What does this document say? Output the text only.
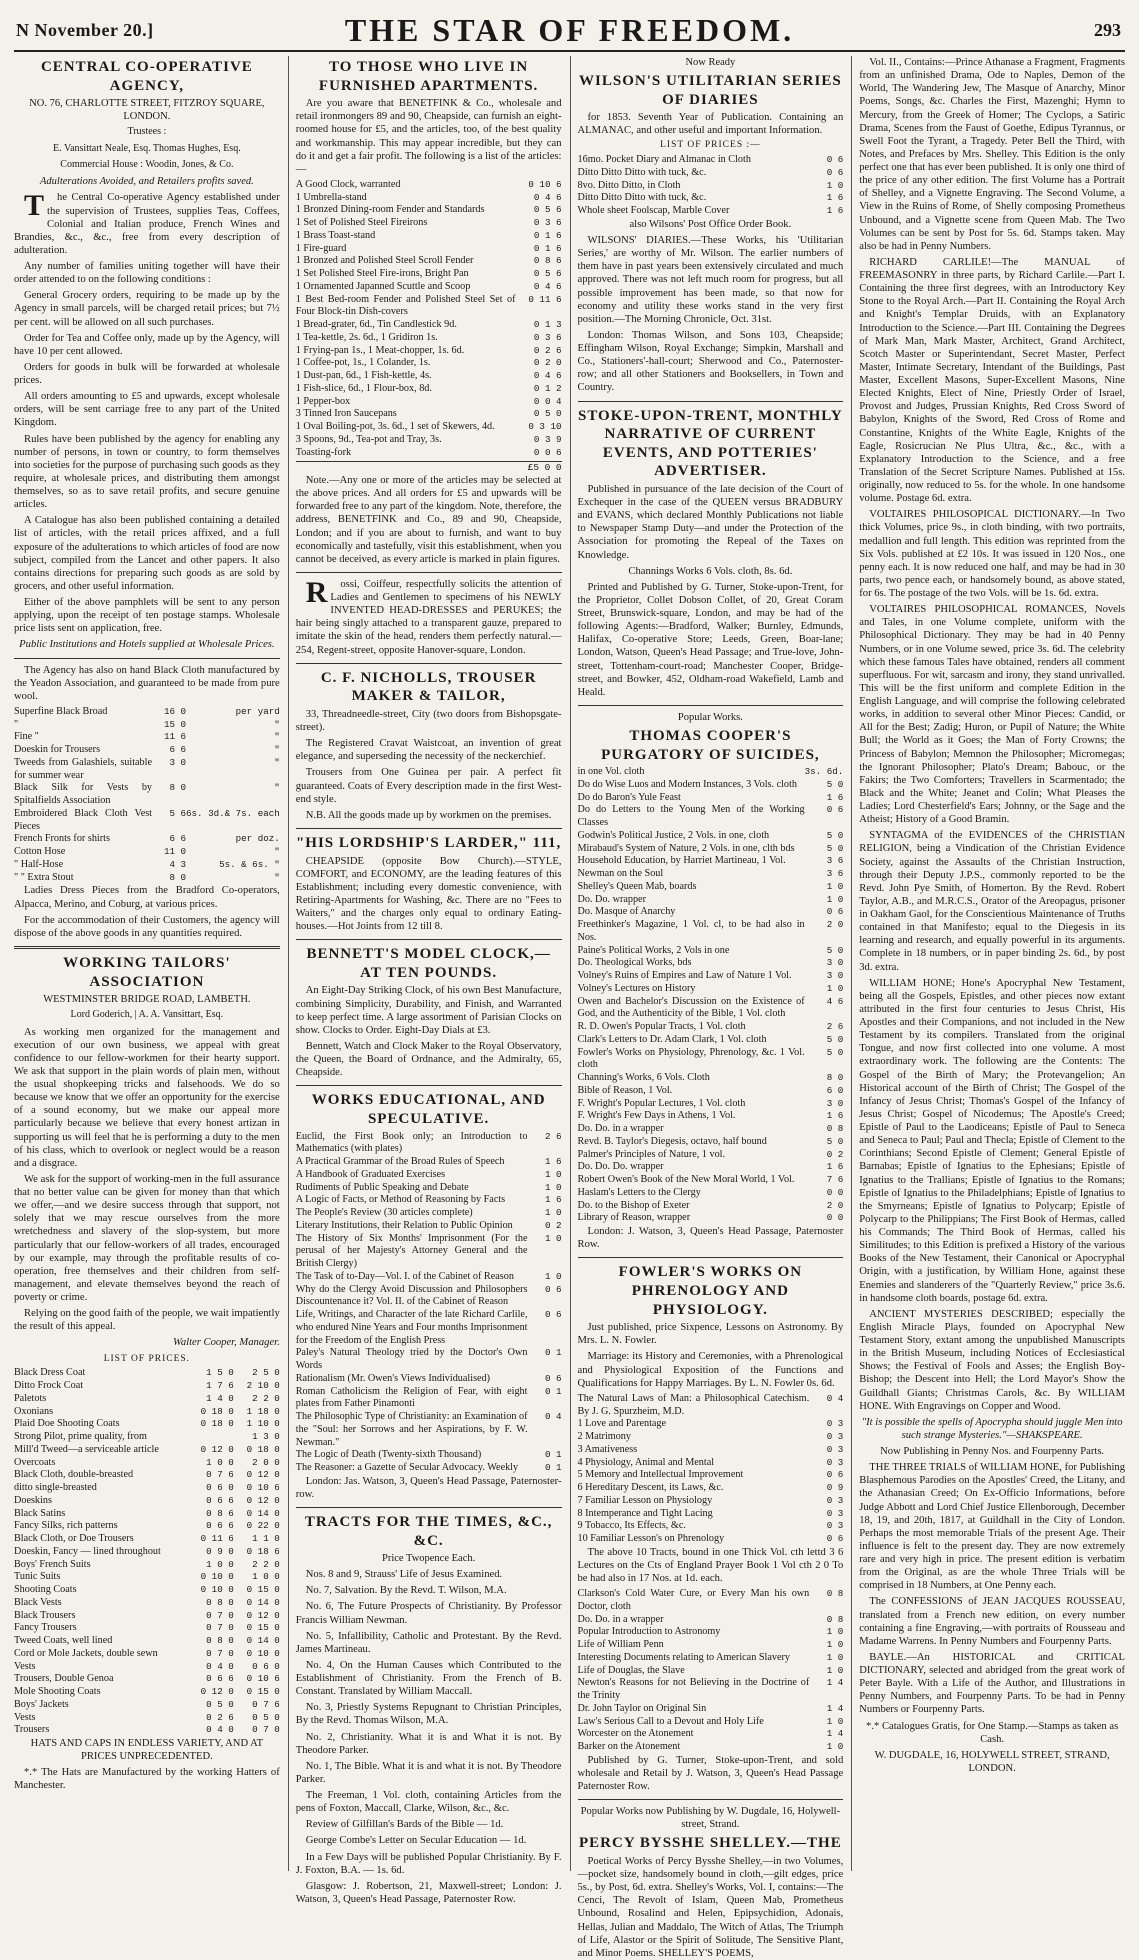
N November 20.]	THE STAR OF FREEDOM.	293
CENTRAL CO-OPERATIVE AGENCY,
NO. 76, CHARLOTTE STREET, FITZROY SQUARE, LONDON.
Trustees :
E. Vansittart Neale, Esq. Thomas Hughes, Esq.
Commercial House : Woodin, Jones, & Co.
Adulterations Avoided, and Retailers profits saved.

The Central Co-operative Agency established under the supervision of Trustees, supplies Teas, Coffees, Colonial and Italian produce, French Wines and Brandies, &c., &c., free from every description of adulteration.

Any number of families uniting together will have their order attended to on the following conditions :

General Grocery orders, requiring to be made up by the Agency in small parcels, will be charged retail prices; but 7½ per cent. will be allowed on all such purchases.

Order for Tea and Coffee only, made up by the Agency, will have 10 per cent allowed.

Orders for goods in bulk will be forwarded at wholesale prices.

All orders amounting to £5 and upwards, except wholesale orders, will be sent carriage free to any part of the United Kingdom.

Rules have been published by the agency for enabling any number of persons, in town or country, to form themselves into societies for the purpose of purchasing such goods as they require, at wholesale prices, and distributing them amongst themselves, so as to save retail profits, and secure genuine articles.

A Catalogue has also been published containing a detailed list of articles, with the retail prices affixed, and a full exposure of the adulterations to which articles of food are now subject, compiled from the Lancet and other papers. It also contains directions for preparing such goods as are sold by grocers, and other useful information.

Either of the above pamphlets will be sent to any person applying, upon the receipt of ten postage stamps. Wholesale price lists sent on application, free.

Public Institutions and Hotels supplied at Wholesale Prices.

The Agency has also on hand Black Cloth manufactured by the Yeadon Association, and guaranteed to be made from pure wool.

Superfine Black Broad	16 0	per yard
"	15 0	"
Fine "	11 6	"
Doeskin for Trousers	6 6	"
Tweeds from Galashiels, suitable for summer wear	3 0	"
Black Silk for Vests by Spitalfields Association	8 0	"
Embroidered Black Cloth Vest Pieces	5 6	6s. 3d.& 7s. each
French Fronts for shirts	6 6	per doz.
Cotton Hose	11 0	"
" Half-Hose	4 3	5s. & 6s. "
" " Extra Stout	8 0	"

Ladies Dress Pieces from the Bradford Co-operators, Alpacca, Merino, and Coburg, at various prices.

For the accommodation of their Customers, the agency will dispose of the above goods in any quantities required.

WORKING TAILORS' ASSOCIATION
WESTMINSTER BRIDGE ROAD, LAMBETH.
Lord Goderich, | A. A. Vansittart, Esq.

As working men organized for the management and execution of our own business, we appeal with great confidence to our fellow-workmen for their hearty support. We ask that support in the plain words of plain men, without the usual shopkeeping tricks and falsehoods. We do so because we know that we offer an opportunity for the exercise of a sound economy, but we make our appeal more particularly because we believe that every honest artizan in supporting us will feel that he is performing a duty to the men of his class, which to overlook or neglect would be a reason and a disgrace.

We ask for the support of working-men in the full assurance that no better value can be given for money than that which we offer,—and we desire success through that support, not solely that we may rescue ourselves from the more wretchedness and slavery of the slop-system, but more particularly that our fellow-workers of all trades, encouraged by our example, may through the profitable results of co-operation, free themselves and their children from self-management, and elevate themselves beyond the reach of poverty or crime.

Relying on the good faith of the people, we wait impatiently the result of this appeal.

Walter Cooper, Manager.
LIST OF PRICES.
Black Dress Coat	1 5 0	2 5 0
Ditto Frock Coat	1 7 6	2 10 0
Paletots	1 4 0	2 2 0
Oxonians	0 18 0	1 18 0
Plaid Doe Shooting Coats	0 18 0	1 10 0
Strong Pilot, prime quality, from		1 3 0
Mill'd Tweed—a serviceable article	0 12 0	0 18 0
Overcoats	1 0 0	2 0 0
Black Cloth, double-breasted	0 7 6	0 12 0
ditto single-breasted	0 6 0	0 10 6
Doeskins	0 6 6	0 12 0
Black Satins	0 8 6	0 14 0
Fancy Silks, rich patterns	0 6 6	0 22 0
Black Cloth, or Doe Trousers	0 11 6	1 1 0
Doeskin, Fancy — lined throughout	0 9 0	0 18 6
Boys' French Suits	1 0 0	2 2 0
Tunic Suits	0 10 0	1 0 0
Shooting Coats	0 10 0	0 15 0
Black Vests	0 8 0	0 14 0
Black Trousers	0 7 0	0 12 0
Fancy Trousers	0 7 0	0 15 0
Tweed Coats, well lined	0 8 0	0 14 0
Cord or Mole Jackets, double sewn	0 7 0	0 10 0
Vests	0 4 0	0 6 0
Trousers, Double Genoa	0 6 6	0 10 6
Mole Shooting Coats	0 12 0	0 15 0
Boys' Jackets	0 5 0	0 7 6
Vests	0 2 6	0 5 0
Trousers	0 4 0	0 7 0

HATS AND CAPS IN ENDLESS VARIETY, AND AT PRICES UNPRECEDENTED.

*.* The Hats are Manufactured by the working Hatters of Manchester.

TO THOSE WHO LIVE IN FURNISHED APARTMENTS.

Are you aware that BENETFINK & Co., wholesale and retail ironmongers 89 and 90, Cheapside, can furnish an eight-roomed house for £5, and the articles, too, of the best quality and workmanship. This may appear incredible, but they can do it and get a fair profit. The following is a list of the articles:—

A Good Clock, warranted	0 10 6
1 Umbrella-stand	0 4 6
1 Bronzed Dining-room Fender and Standards	0 5 6
1 Set of Polished Steel Fireirons	0 3 6
1 Brass Toast-stand	0 1 6
1 Fire-guard	0 1 6
1 Bronzed and Polished Steel Scroll Fender	0 8 6
1 Set Polished Steel Fire-irons, Bright Pan	0 5 6
1 Ornamented Japanned Scuttle and Scoop	0 4 6
1 Best Bed-room Fender and Polished Steel Set of Four Block-tin Dish-covers	0 11 6
1 Bread-grater, 6d., Tin Candlestick 9d.	0 1 3
1 Tea-kettle, 2s. 6d., 1 Gridiron 1s.	0 3 6
1 Frying-pan 1s., 1 Meat-chopper, 1s. 6d.	0 2 6
1 Coffee-pot, 1s., 1 Colander, 1s.	0 2 0
1 Dust-pan, 6d., 1 Fish-kettle, 4s.	0 4 6
1 Fish-slice, 6d., 1 Flour-box, 8d.	0 1 2
1 Pepper-box	0 0 4
3 Tinned Iron Saucepans	0 5 0
1 Oval Boiling-pot, 3s. 6d., 1 set of Skewers, 4d.	0 3 10
3 Spoons, 9d., Tea-pot and Tray, 3s.	0 3 9
Toasting-fork	0 0 6
£5 0 0

Note.—Any one or more of the articles may be selected at the above prices. And all orders for £5 and upwards will be forwarded free to any part of the kingdom. Note, therefore, the address, BENETFINK and Co., 89 and 90, Cheapside, London; and if you are about to furnish, and want to buy economically and tastefully, visit this establishment, when you cannot be deceived, as every article is marked in plain figures.

Rossi, Coiffeur, respectfully solicits the attention of Ladies and Gentlemen to specimens of his NEWLY INVENTED HEAD-DRESSES and PERUKES; the hair being singly attached to a transparent gauze, prepared to imitate the skin of the head, renders them perfectly natural.—254, Regent-street, opposite Hanover-square, London.

C. F. NICHOLLS, TROUSER MAKER & TAILOR,

33, Threadneedle-street, City (two doors from Bishopsgate-street).

The Registered Cravat Waistcoat, an invention of great elegance, and superseding the necessity of the neckerchief.

Trousers from One Guinea per pair. A perfect fit guaranteed. Coats of Every description made in the first West-end style.

N.B. All the goods made up by workmen on the premises.

"HIS LORDSHIP'S LARDER," 111,

CHEAPSIDE (opposite Bow Church).—STYLE, COMFORT, and ECONOMY, are the leading features of this Establishment; including every domestic convenience, with Retiring-Apartments for Washing, &c. There are no "Fees to Waiters," and the charges only equal to ordinary Eating-houses.—Hot Joints from 12 till 8.

BENNETT'S MODEL CLOCK,—AT TEN POUNDS.

An Eight-Day Striking Clock, of his own Best Manufacture, combining Simplicity, Durability, and Finish, and Warranted to keep perfect time. A large assortment of Parisian Clocks on show. Clocks to Order. Eight-Day Dials at £3.

Bennett, Watch and Clock Maker to the Royal Observatory, the Queen, the Board of Ordnance, and the Admiralty, 65, Cheapside.

WORKS EDUCATIONAL, AND SPECULATIVE.
Euclid, the First Book only; an Introduction to Mathematics (with plates)	2 6
A Practical Grammar of the Broad Rules of Speech	1 6
A Handbook of Graduated Exercises	1 0
Rudiments of Public Speaking and Debate	1 0
A Logic of Facts, or Method of Reasoning by Facts	1 6
The People's Review (30 articles complete)	1 0
Literary Institutions, their Relation to Public Opinion	0 2
The History of Six Months' Imprisonment (For the perusal of her Majesty's Attorney General and the British Clergy)	1 0
The Task of to-Day—Vol. I. of the Cabinet of Reason	1 0
Why do the Clergy Avoid Discussion and Philosophers Discountenance it? Vol. II. of the Cabinet of Reason	0 6
Life, Writings, and Character of the late Richard Carlile, who endured Nine Years and Four months Imprisonment for the Freedom of the English Press	0 6
Paley's Natural Theology tried by the Doctor's Own Words	0 1
Rationalism (Mr. Owen's Views Individualised)	0 6
Roman Catholicism the Religion of Fear, with eight plates from Father Pinamonti	0 1
The Philosophic Type of Christianity: an Examination of the "Soul: her Sorrows and her Aspirations, by F. W. Newman."	0 4
The Logic of Death (Twenty-sixth Thousand)	0 1
The Reasoner: a Gazette of Secular Advocacy. Weekly	0 1

London: Jas. Watson, 3, Queen's Head Passage, Paternoster-row.

TRACTS FOR THE TIMES, &C., &C.
Price Twopence Each.

Nos. 8 and 9, Strauss' Life of Jesus Examined.

No. 7, Salvation. By the Revd. T. Wilson, M.A.

No. 6, The Future Prospects of Christianity. By Professor Francis William Newman.

No. 5, Infallibility, Catholic and Protestant. By the Revd. James Martineau.

No. 4, On the Human Causes which Contributed to the Establishment of Christianity. From the French of B. Constant. Translated by William Maccall.

No. 3, Priestly Systems Repugnant to Christian Principles, By the Revd. Thomas Wilson, M.A.

No. 2, Christianity. What it is and What it is not. By Theodore Parker.

No. 1, The Bible. What it is and what it is not. By Theodore Parker.

The Freeman, 1 Vol. cloth, containing Articles from the pens of Foxton, Maccall, Clarke, Wilson, &c., &c.

Review of Gilfillan's Bards of the Bible — 1d.

George Combe's Letter on Secular Education — 1d.

In a Few Days will be published Popular Christianity. By F. J. Foxton, B.A. — 1s. 6d.

Glasgow: J. Robertson, 21, Maxwell-street; London: J. Watson, 3, Queen's Head Passage, Paternoster Row.

Now Ready
WILSON'S UTILITARIAN SERIES OF DIARIES

for 1853. Seventh Year of Publication. Containing an ALMANAC, and other useful and important Information.

LIST OF PRICES :—
16mo. Pocket Diary and Almanac in Cloth	0 6
Ditto Ditto Ditto with tuck, &c.	0 6
8vo. Ditto Ditto, in Cloth	1 0
Ditto Ditto Ditto with tuck, &c.	1 6
Whole sheet Foolscap, Marble Cover	1 6

also Wilsons' Post Office Order Book.

WILSONS' DIARIES.—These Works, his 'Utilitarian Series,' are worthy of Mr. Wilson. The earlier numbers of them have in past years been extensively circulated and much approved. There was not left much room for progress, but all possible improvement has been made, so that now for economy and utility these works stand in the very first position.—The Morning Chronicle, Oct. 31st.

London: Thomas Wilson, and Sons 103, Cheapside; Effingham Wilson, Royal Exchange; Simpkin, Marshall and Co., Stationers'-hall-court; Sherwood and Co., Paternoster-row; and all other Stationers and Booksellers, in Town and Country.

STOKE-UPON-TRENT, MONTHLY NARRATIVE OF CURRENT EVENTS, AND POTTERIES' ADVERTISER.

Published in pursuance of the late decision of the Court of Exchequer in the case of the QUEEN versus BRADBURY and EVANS, which declared Monthly Publications not liable to Newspaper Stamp Duty—and under the Protection of the Association for promoting the Repeal of the Taxes on Knowledge.

Channings Works 6 Vols. cloth, 8s. 6d.

Printed and Published by G. Turner, Stoke-upon-Trent, for the Proprietor, Collet Dobson Collet, of 20, Great Coram Street, Brunswick-square, London, and may be had of the following Agents:—Bradford, Walker; Burnley, Edmunds, Halifax, Co-operative Store; Leeds, Green, Boar-lane; London, Watson, Queen's Head Passage; and True-love, John-street, Tottenham-court-road; Manchester Cooper, Bridge-street, and Bowker, 452, Oldham-road Wakefield, Lamb and Heald.

Popular Works.
THOMAS COOPER'S PURGATORY OF SUICIDES,
in one Vol. cloth	3s. 6d.
Do do Wise Luos and Modern Instances, 3 Vols. cloth	5 0
Do do Baron's Yule Feast	1 6
Do do Letters to the Young Men of the Working Classes	0 6
Godwin's Political Justice, 2 Vols. in one, cloth	5 0
Mirabaud's System of Nature, 2 Vols. in one, clth bds	5 0
Household Education, by Harriet Martineau, 1 Vol.	3 6
Newman on the Soul	3 6
Shelley's Queen Mab, boards	1 0
Do. Do. wrapper	1 0
Do. Masque of Anarchy	0 6
Freethinker's Magazine, 1 Vol. cl, to be had also in Nos.	2 0
Paine's Political Works, 2 Vols in one	5 0
Do. Theological Works, bds	3 0
Volney's Ruins of Empires and Law of Nature 1 Vol.	3 0
Volney's Lectures on History	1 0
Owen and Bachelor's Discussion on the Existence of God, and the Authenticity of the Bible, 1 Vol. cloth	4 6
R. D. Owen's Popular Tracts, 1 Vol. cloth	2 6
Clark's Letters to Dr. Adam Clark, 1 Vol. cloth	5 0
Fowler's Works on Physiology, Phrenology, &c. 1 Vol. cloth	5 0
Channing's Works, 6 Vols. Cloth	8 0
Bible of Reason, 1 Vol.	6 0
F. Wright's Popular Lectures, 1 Vol. cloth	3 0
F. Wright's Few Days in Athens, 1 Vol.	1 6
Do. Do. in a wrapper	0 8
Revd. B. Taylor's Diegesis, octavo, half bound	5 0
Palmer's Principles of Nature, 1 vol.	0 2
Do. Do. Do. wrapper	1 6
Robert Owen's Book of the New Moral World, 1 Vol.	7 6
Haslam's Letters to the Clergy	0 0
Do. to the Bishop of Exeter	2 0
Library of Reason, wrapper	0 0

London: J. Watson, 3, Queen's Head Passage, Paternoster Row.

FOWLER'S WORKS ON PHRENOLOGY AND PHYSIOLOGY.

Just published, price Sixpence, Lessons on Astronomy. By Mrs. L. N. Fowler.

Marriage: its History and Ceremonies, with a Phrenological and Physiological Exposition of the Functions and Qualifications for Happy Marriages. By L. N. Fowler 0s. 6d.

The Natural Laws of Man: a Philosophical Catechism. By J. G. Spurzheim, M.D.	0 4
1 Love and Parentage	0 3
2 Matrimony	0 3
3 Amativeness	0 3
4 Physiology, Animal and Mental	0 3
5 Memory and Intellectual Improvement	0 6
6 Hereditary Descent, its Laws, &c.	0 9
7 Familiar Lesson on Physiology	0 3
8 Intemperance and Tight Lacing	0 3
9 Tobacco, Its Effects, &c.	0 3
10 Familiar Lesson's on Phrenology	0 6

The above 10 Tracts, bound in one Thick Vol. cth lettd 3 6 Lectures on the Cts of England Prayer Book 1 Vol cth 2 0 To be had also in 17 Nos. at 1d. each.

Clarkson's Cold Water Cure, or Every Man his own Doctor, cloth	0 8
Do. Do. in a wrapper	0 8
Popular Introduction to Astronomy	1 0
Life of William Penn	1 0
Interesting Documents relating to American Slavery	1 0
Life of Douglas, the Slave	1 0
Newton's Reasons for not Believing in the Doctrine of the Trinity	1 4
Dr. John Taylor on Original Sin	1 4
Law's Serious Call to a Devout and Holy Life	1 0
Worcester on the Atonement	1 4
Barker on the Atonement	1 0

Published by G. Turner, Stoke-upon-Trent, and sold wholesale and Retail by J. Watson, 3, Queen's Head Passage Paternoster Row.

Popular Works now Publishing by W. Dugdale, 16, Holywell-street, Strand.
PERCY BYSSHE SHELLEY.—THE

Poetical Works of Percy Bysshe Shelley,—in two Volumes,—pocket size, handsomely bound in cloth,—gilt edges, price 5s., by Post, 6d. extra. Shelley's Works, Vol. I, contains:—The Cenci, The Revolt of Islam, Queen Mab, Prometheus Unbound, Rosalind and Helen, Epipsychidion, Adonais, Hellas, Julian and Maddalo, The Witch of Atlas, The Triumph of Life, Alastor or the Spirit of Solitude, The Sensitive Plant, and Minor Poems. SHELLEY'S POEMS,

Vol. II., Contains:—Prince Athanase a Fragment, Fragments from an unfinished Drama, Ode to Naples, Demon of the World, The Wandering Jew, The Masque of Anarchy, Minor Poems, Songs, &c. Charles the First, Mazenghi; Hymn to Mercury, from the Greek of Homer; The Cyclops, a Satiric Drama, Scenes from the Faust of Goethe, Edipus Tyrannus, or Swell Foot the Tyrant, a Tragedy. Peter Bell the Third, with Notes, and Prefaces by Mrs. Shelley. This Edition is the only perfect one that has ever been published. It is only one third of the price of any other edition. The first Volume has a Portrait of Shelley, and a Vignette Engraving. The Second Volume, a View in the Ruins of Rome, of Shelly composing Prometheus Unbound, and a Vignette scene from Queen Mab. The Two Volumes can be sent by Post for 5s. 6d. Stamps taken. May also be had in Penny Numbers.

RICHARD CARLILE!—The MANUAL of FREEMASONRY in three parts, by Richard Carlile.—Part I. Containing the three first degrees, with an Introductory Key Stone to the Royal Arch.—Part II. Containing the Royal Arch and Knight's Templar Druids, with an Explanatory Introduction to the Science.—Part III. Containing the Degrees of Mark Man, Mark Master, Architect, Grand Architect, Scotch Master or Superintendant, Secret Master, Perfect Master, Intimate Secretary, Intendant of the Buildings, Past Master, Excellent Masons, Super-Excellent Masons, Nine Elected Knights, Elect of Nine, Priestly Order of Israel, Provost and Judges, Prussian Knights, Red Cross Sword of Babylon, Knights of the Sword, Red Cross of Rome and Constantine, Knights of the White Eagle, Knights of the Eagle, Rosicrucian Ne Plus Ultra, &c., &c., with a Explanatory Introduction to the Science, and a free Translation of the Secret Scripture Names. Published at 15s. originally, now reduced to 5s. for the whole. In one handsome volume. Postage 6d. extra.

VOLTAIRES PHILOSOPICAL DICTIONARY.—In Two thick Volumes, price 9s., in cloth binding, with two portraits, medallion and full length. This edition was reprinted from the Six Vols. published at £2 10s. It was issued in 120 Nos., one penny each. It is now reduced one half, and may be had in 30 parts, two pence each, or handsomely bound, as above stated, for 6s. The postage of the two Vols. will be 1s. 6d. extra.

VOLTAIRES PHILOSOPHICAL ROMANCES, Novels and Tales, in one Volume complete, uniform with the Philosophical Dictionary. They may be had in 40 Penny Numbers, or in one Volume sewed, price 3s. 6d. The celebrity which these famous Tales have obtained, renders all comment superfluous. For wit, sarcasm and irony, they stand unrivalled. This will be the first uniform and complete Edition in the English Language, and will comprise the following celebrated works, in addition to several other Minor Pieces: Candid, or All for the Best; Zadig; Huron, or Pupil of Nature; the White Bull; the World as it Goes; the Man of Forty Crowns; the Princess of Babylon; Memnon the Philosopher; Micromegas; the Ignorant Philosopher; Plato's Dream; Babouc, or the Fakirs; the Two Comforters; Travellers in Scarmentado; the Black and the White; Jeanet and Colin; What Pleases the Ladies; Lord Chesterfield's Ears; Johnny, or the Sage and the Atheist; History of a Good Bramin.

SYNTAGMA of the EVIDENCES of the CHRISTIAN RELIGION, being a Vindication of the Christian Evidence Society, against the Assaults of the Christian Instruction, through their Deputy J.P.S., commonly reported to be the Revd. John Pye Smith, of Homerton. By the Revd. Robert Taylor, A.B., and M.R.C.S., Orator of the Areopagus, prisoner in Oakham Gaol, for the Conscientious Maintenance of Truths contained in that Manifesto; equal to the Diegesis in its learning and research, and equally powerful in its arguments. Complete in 18 numbers, or in paper binding 2s. 6d., by post 3d. extra.

WILLIAM HONE; Hone's Apocryphal New Testament, being all the Gospels, Epistles, and other pieces now extant attributed in the first four centuries to Jesus Christ, His Apostles and their Companions, and not included in the New Testament by its compilers. Translated from the original Tongue, and now first collected into one volume. A most extraordinary work. The following are the Contents: The Gospel of the Birth of Mary; the Protevangelion; An Historical account of the Birth of Christ; The Gospel of the Infancy of Jesus Christ; Thomas's Gospel of the Infancy of Jesus Christ; Gospel of Nicodemus; The Apostle's Creed; Epistle of Paul to the Laodiceans; Epistle of Paul to Seneca and Seneca to Paul; Paul and Thecla; Epistle of Clement to the Corinthians; Second Epistle of Clement; General Epistle of Barnabas; Epistle of Ignatius to the Ephesians; Epistle of Ignatius to the Trallians; Epistle of Ignatius to the Romans; Epistle of Ignatius to the Philadelphians; Epistle of Ignatius to the Smyrneans; Epistle of Ignatius to Polycarp; Epistle of Polycarp to the Philippians; The First Book of Hermas, called his Commands; The Third Book of Hermas, called his Similitudes; to this Edition is prefixed a History of the various Books of the New Testament, their Canonical or Apocryphal Origin, with a justification, by William Hone, against these Enemies and slanderers of the "Quarterly Review," price 3s.6. in handsome cloth boards, postage 6d. extra.

ANCIENT MYSTERIES DESCRIBED; especially the English Miracle Plays, founded on Apocryphal New Testament Story, extant among the unpublished Manuscripts in the British Museum, including Notices of Ecclesiastical Shows; the Festival of Fools and Asses; the English Boy-Bishop; the Descent into Hell; the Lord Mayor's Show the Guildhall Giants; Christmas Carols, &c. By WILLIAM HONE. With Engravings on Copper and Wood.

"It is possible the spells of Apocrypha should juggle Men into such strange Mysteries."—SHAKSPEARE.

Now Publishing in Penny Nos. and Fourpenny Parts.

THE THREE TRIALS of WILLIAM HONE, for Publishing Blasphemous Parodies on the Apostles' Creed, the Litany, and the Athanasian Creed; On Ex-Officio Informations, before Judge Abbott and Lord Chief Justice Ellenborough, December 18, 19, and 20th, 1817, at Guildhall in the City of London. Perhaps the most memorable Trials of the present Age. Their influence is felt to the present day. They are now extremely rare and very high in price. The present edition is verbatim from the Original, as are the whole Three Trials will be comprised in 18 Numbers, at One Penny each.

The CONFESSIONS of JEAN JACQUES ROUSSEAU, translated from a French new edition, on every number containing a fine Engraving,—with portraits of Rousseau and Madame Warrens. In Penny Numbers and Fourpenny Parts.

BAYLE.—An HISTORICAL and CRITICAL DICTIONARY, selected and abridged from the great work of Peter Bayle. With a Life of the Author, and Illustrations in Penny Numbers, and Fourpenny Parts. To be had in Penny Numbers or Fourpenny Parts.

*.* Catalogues Gratis, for One Stamp.—Stamps as taken as Cash.

W. DUGDALE, 16, HOLYWELL STREET, STRAND, LONDON.
